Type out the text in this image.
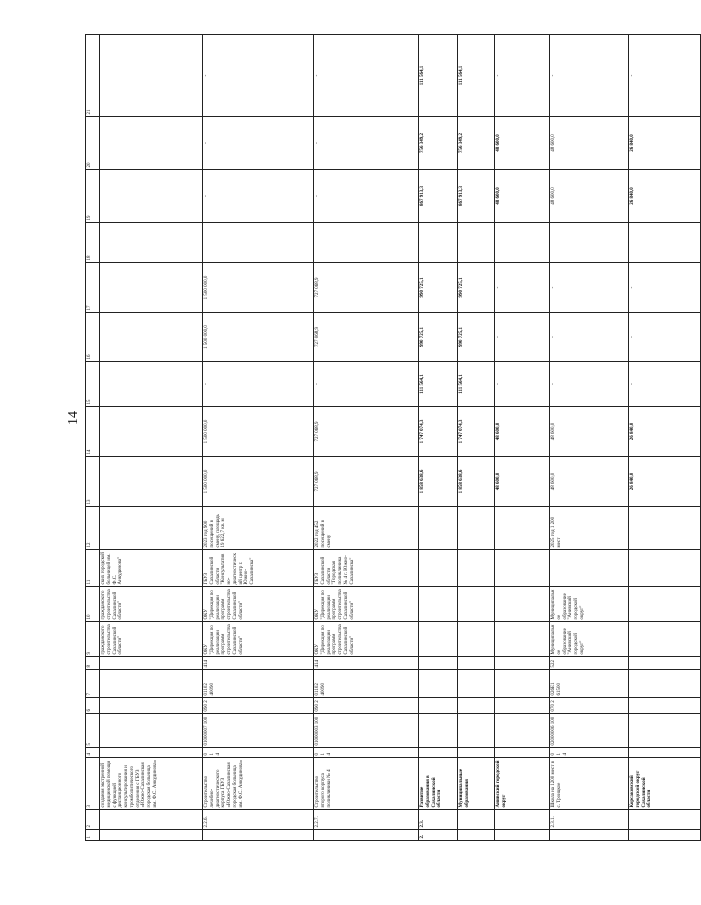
14
1	2	3	4	5	6	7	8	9	10	11	12	13	14	15	16	17	18	19	20	21
		создания экстренной медицинской помощи с функцией дистанционного консультирования и тромболитического отделения с ГБУЗ «Южно-Сахалинская городская больница им. Ф.С. Анкудинова»						гражданского строительства Сахалинской области"	гражданского строительства Сахалинской области"	ских городской больницей им. Ф.С. Анкудинова"										
	2.2.6.	Строительство лечебно-диагностического корпуса ГБУЗ «Южно-Сахалинская городская больница им. Ф.С. Анкудинова»	0 1 4	01000007 100	090 2	01102 40090	414	ОКУ "Дирекция по реализации программ строительства Сахалинской области"	ОКУ "Дирекция по реализации программ строительства Сахалинской области"	ГБУЗ Сахалинской области "Консультативно-диагностический центр г. Южно-Сахалинска"	2023 год 900 посещений в смену, площадь 19 622,7 кв. м	1 500 000,0	1 500 000,0	-	1 500 000,0	1 500 000,0		-	-	-
	2.2.7.	Строительство второго корпуса поликлиники № 4	0 1 4	01000003 100	090 2	01102 40090	414	ОКУ "Дирекция по реализации программ строительства Сахалинской области"	ОКУ "Дирекция по реализации программ строительства Сахалинской области"	ГБУЗ Сахалинской области "Городская поликлиника № 4 г. Южно-Сахалинска"	2022 год 452 посещений в смену	727 068,9	727 068,9	-	727 068,9	727 068,9		-	-	-
2.	2.3.	Развитие образования в Сахалинской области										1 858 638,6	1 747 074,3	111 564,1	990 725,1	990 725,1		867 913,3	756 349,2	111 564,1
		Муниципальные образования										1 858 638,6	1 747 074,3	111 564,1	990 725,1	990 725,1		867 913,3	756 349,2	111 564,1
		Анивский городской округ										48 600,0	48 600,0	-	-	-		48 600,0	48 600,0	-
	2.3.1.	Школа на 1200 мест в с. Троицкое	0 1 4	02000006 100	070 2	026E1 61500	522	Муниципальное образование "Анивский городской округ"	Муниципальное образование "Анивский городской округ"		2025 год 1 200 мест	48 600,0	48 600,0	-	-	-		48 600,0	48 600,0	-
		Корсаковский городской округ Сахалинской области										26 840,0	26 840,0	-	-	-		26 840,0	26 840,0	-
